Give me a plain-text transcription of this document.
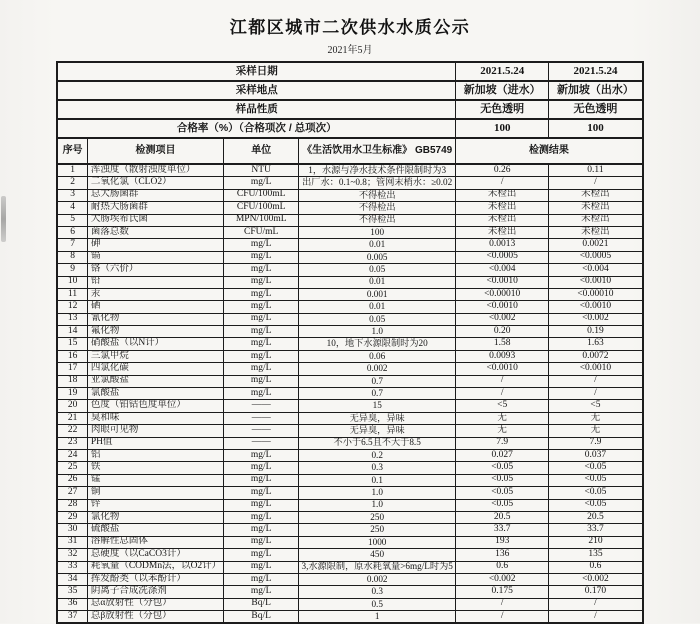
江都区城市二次供水水质公示
2021年5月
采样日期				2021.5.24	2021.5.24
采样地点				新加坡（进水）	新加坡（出水）
样品性质				无色透明	无色透明
合格率（%）（合格项次 / 总项次）				100	100
序号	检测项目	单位	《生活饮用水卫生标准》 GB5749	检测结果	
1	浑浊度（散射浊度单位）	NTU	1，水源与净水技术条件限制时为3	0.26	0.11
2	二氧化氯（CLO2）	mg/L	出厂水：0.1~0.8；管网末梢水：≥0.02	/	/
3	总大肠菌群	CFU/100mL	不得检出	未检出	未检出
4	耐热大肠菌群	CFU/100mL	不得检出	未检出	未检出
5	大肠埃希氏菌	MPN/100mL	不得检出	未检出	未检出
6	菌落总数	CFU/mL	100	未检出	未检出
7	砷	mg/L	0.01	0.0013	0.0021
8	镉	mg/L	0.005	<0.0005	<0.0005
9	铬（六价）	mg/L	0.05	<0.004	<0.004
10	铅	mg/L	0.01	<0.0010	<0.0010
11	汞	mg/L	0.001	<0.00010	<0.00010
12	硒	mg/L	0.01	<0.0010	<0.0010
13	氰化物	mg/L	0.05	<0.002	<0.002
14	氟化物	mg/L	1.0	0.20	0.19
15	硝酸盐（以N计）	mg/L	10，地下水源限制时为20	1.58	1.63
16	三氯甲烷	mg/L	0.06	0.0093	0.0072
17	四氯化碳	mg/L	0.002	<0.0010	<0.0010
18	亚氯酸盐	mg/L	0.7	/	/
19	氯酸盐	mg/L	0.7	/	/
20	色度（铂钴色度单位）	——	15	<5	<5
21	臭和味	——	无异臭，异味	无	无
22	肉眼可见物	——	无异臭，异味	无	无
23	PH值	——	不小于6.5且不大于8.5	7.9	7.9
24	铝	mg/L	0.2	0.027	0.037
25	铁	mg/L	0.3	<0.05	<0.05
26	锰	mg/L	0.1	<0.05	<0.05
27	铜	mg/L	1.0	<0.05	<0.05
28	锌	mg/L	1.0	<0.05	<0.05
29	氯化物	mg/L	250	20.5	20.5
30	硫酸盐	mg/L	250	33.7	33.7
31	溶解性总固体	mg/L	1000	193	210
32	总硬度（以CaCO3计）	mg/L	450	136	135
33	耗氧量（CODMn法，以O2计）	mg/L	3,水源限制，原水耗氧量>6mg/L时为5	0.6	0.6
34	挥发酚类（以苯酚计）	mg/L	0.002	<0.002	<0.002
35	阴离子合成洗涤剂	mg/L	0.3	0.175	0.170
36	总α放射性（分包）	Bq/L	0.5	/	/
37	总β放射性（分包）	Bq/L	1	/	/
